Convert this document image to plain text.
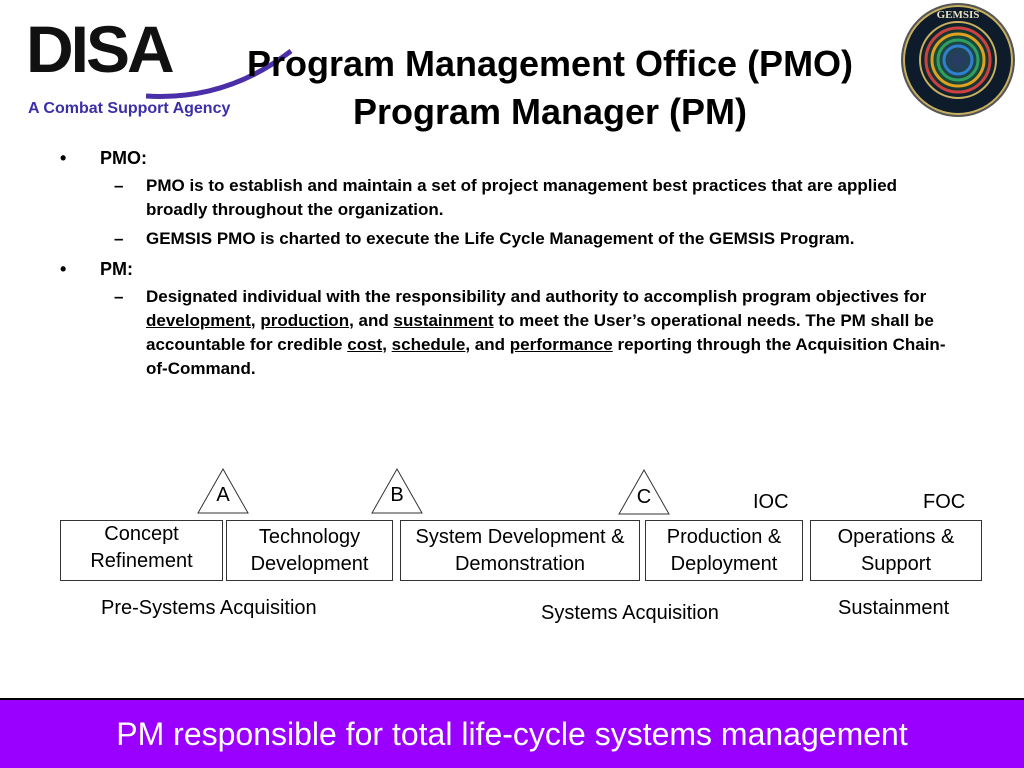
DISA
A Combat Support Agency
Program Management Office (PMO)
Program Manager (PM)
GEMSIS
• PMO:
– PMO is to establish and maintain a set of project management best practices that are applied broadly throughout the organization.
– GEMSIS PMO is charted to execute the Life Cycle Management of the GEMSIS Program.
• PM:
– Designated individual with the responsibility and authority to accomplish program objectives for development, production, and sustainment to meet the User’s operational needs. The PM shall be accountable for credible cost, schedule, and performance reporting through the Acquisition Chain-of-Command.
A	B	C	IOC	FOC
Concept Refinement
Technology Development
System Development & Demonstration
Production & Deployment
Operations & Support
Pre-Systems Acquisition	Systems Acquisition	Sustainment
PM responsible for total life-cycle systems management
